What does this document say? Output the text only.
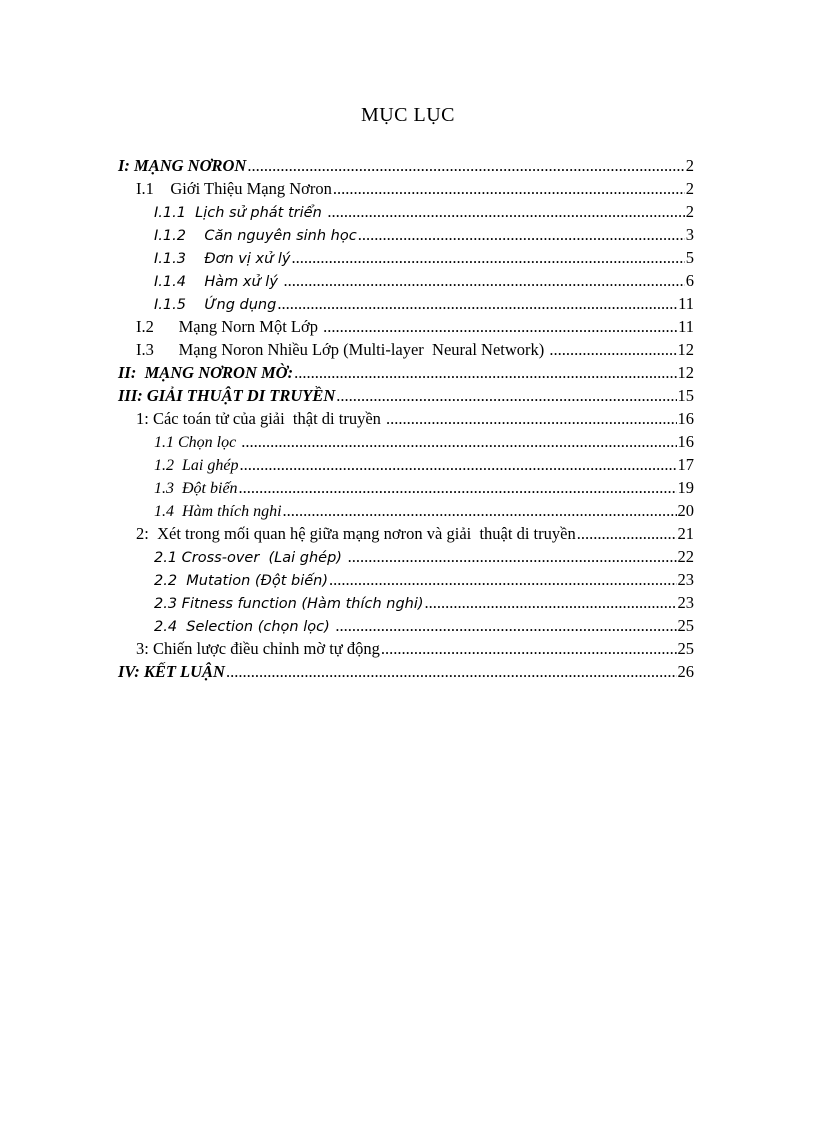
MỤC LỤC
I: MẠNG NƠRON .....	2
I.1    Giới Thiệu Mạng Nơron .....	2
I.1.1  Lịch sử phát triển .....	2
I.1.2    Căn nguyên sinh học .....	3
I.1.3    Đơn vị xử lý .....	5
I.1.4    Hàm xử lý .....	6
I.1.5    Ứng dụng .....	11
I.2      Mạng Norn Một Lớp .....	11
I.3      Mạng Noron Nhiều Lớp (Multi-layer  Neural Network) .....	12
II:  MẠNG NƠRON MỜ: .....	12
III: GIẢI THUẬT DI TRUYỀN .....	15
1: Các toán tử của giải  thật di truyền .....	16
1.1 Chọn lọc .....	16
1.2  Lai ghép .....	17
1.3  Đột biến .....	19
1.4  Hàm thích nghi .....	20
2:  Xét trong mối quan hệ giữa mạng nơron và giải  thuật di truyền .....	21
2.1 Cross-over  (Lai ghép) .....	22
2.2  Mutation (Đột biến) .....	23
2.3 Fitness function (Hàm thích nghi) .....	23
2.4  Selection (chọn lọc) .....	25
3: Chiến lược điều chỉnh mờ tự động .....	25
IV: KẾT LUẬN .....	26
